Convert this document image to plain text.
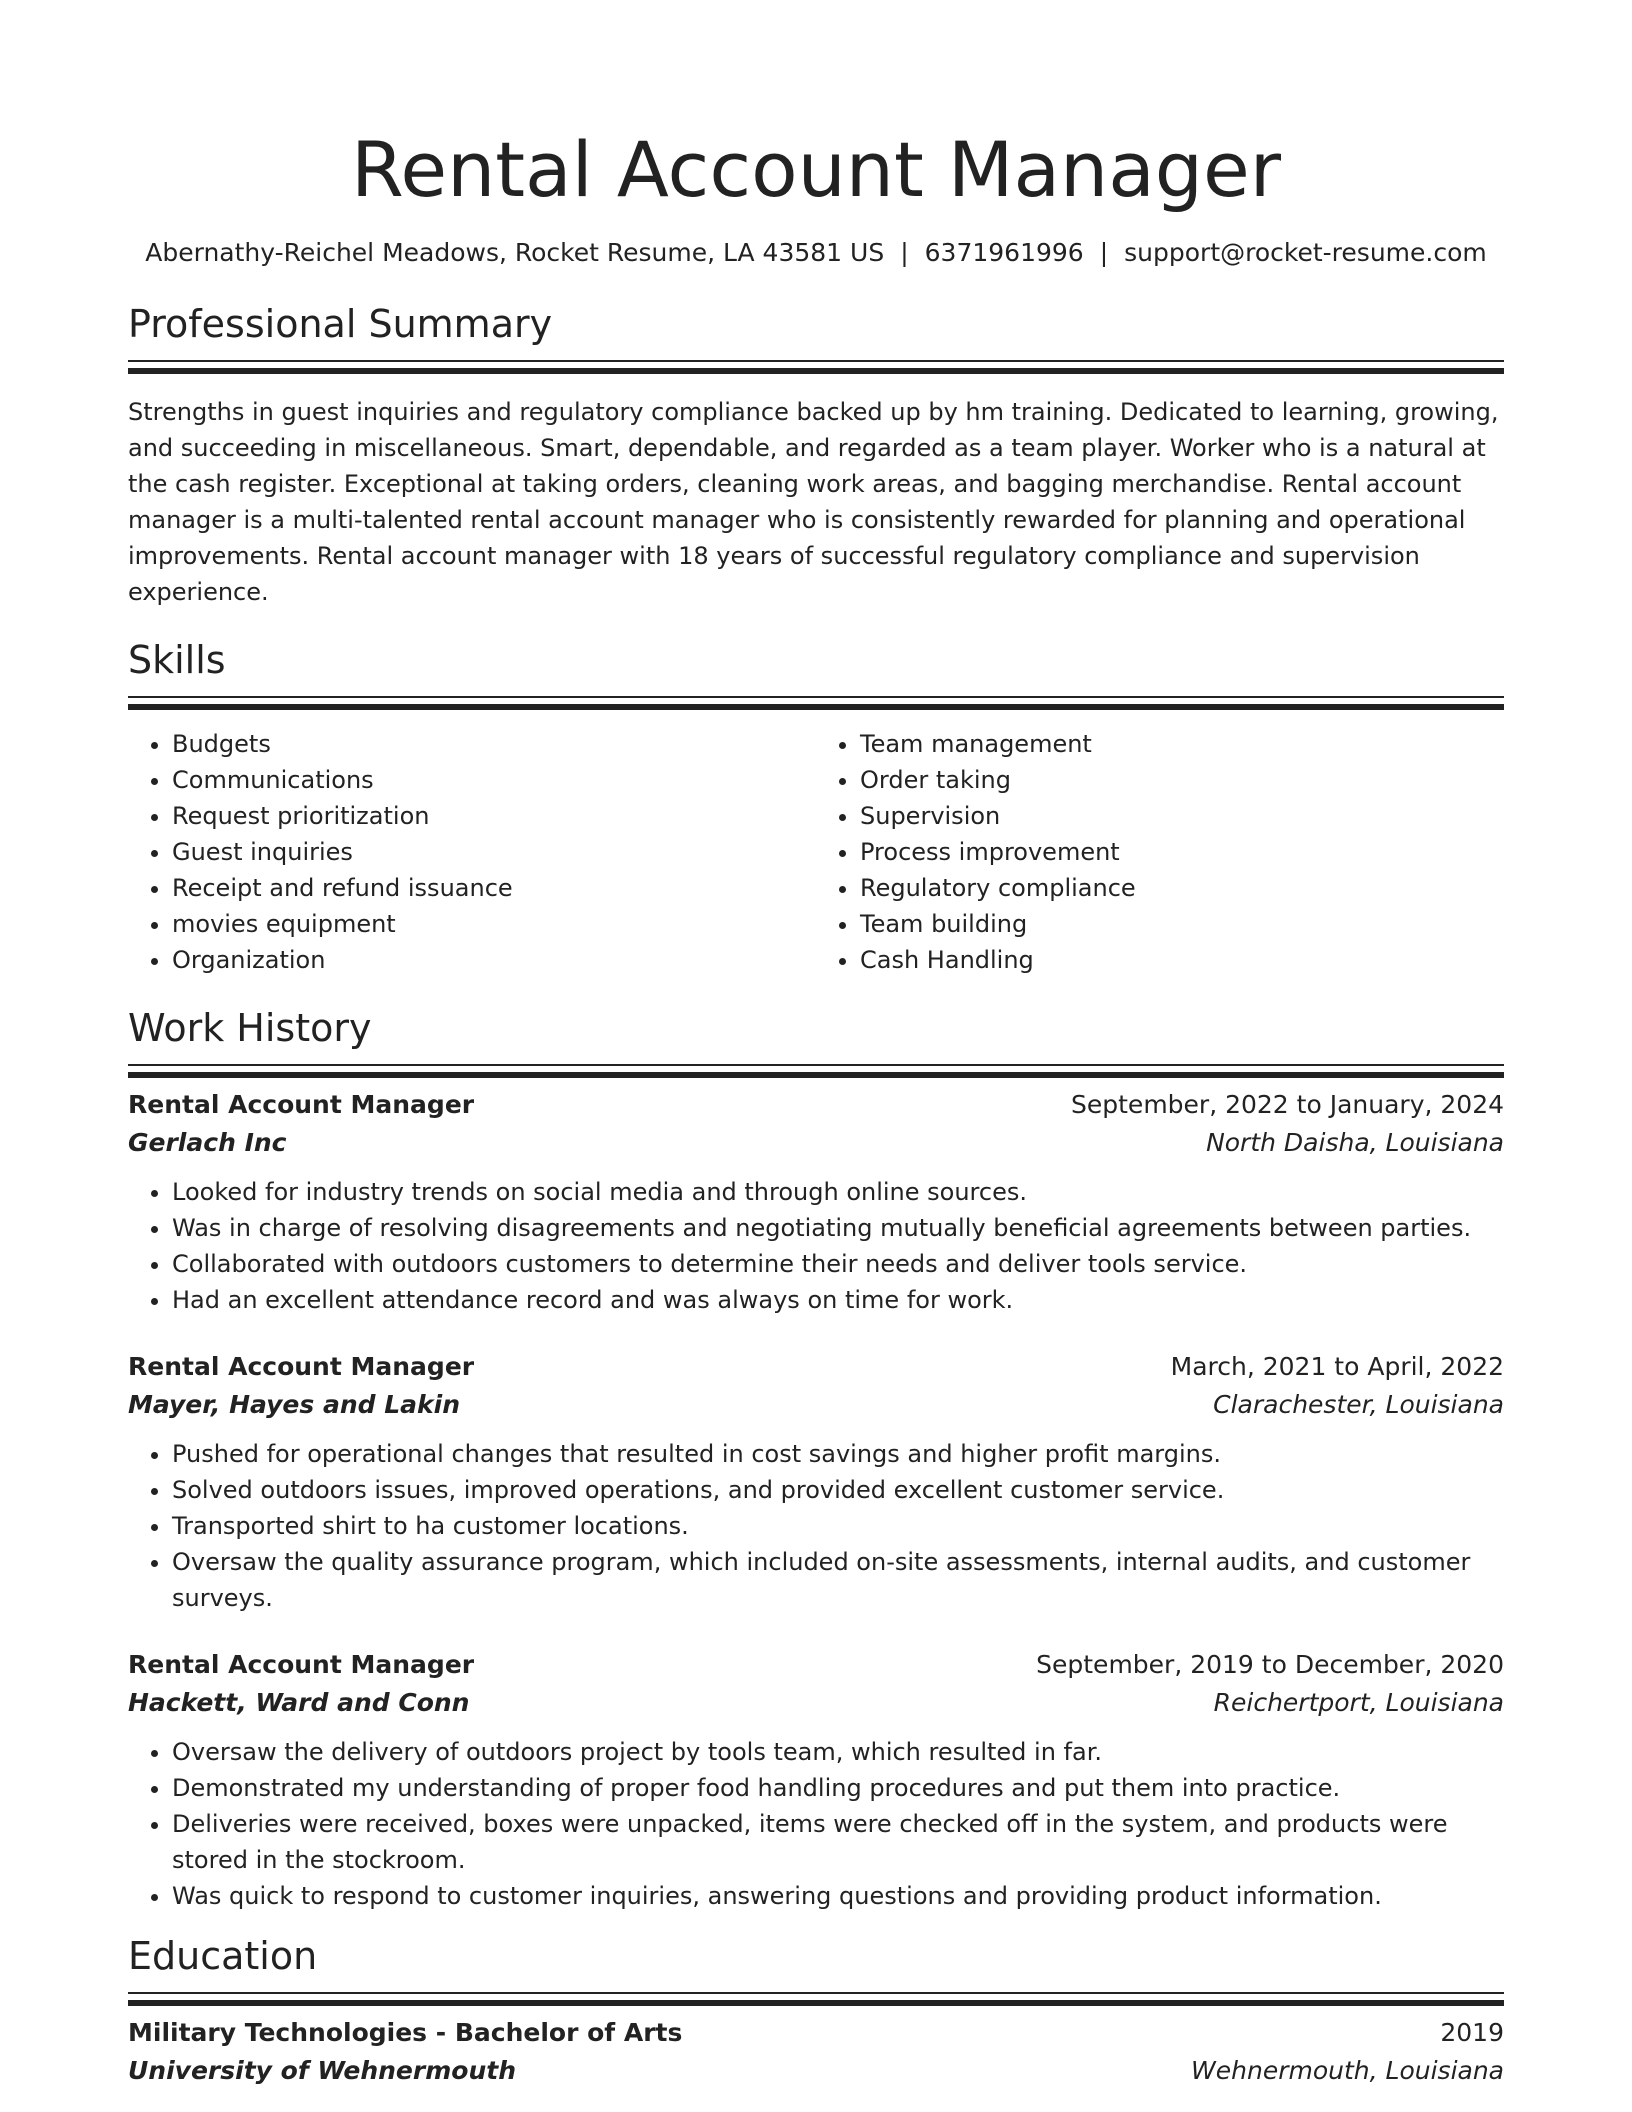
Rental Account Manager
Abernathy-Reichel Meadows, Rocket Resume, LA 43581 US | 6371961996 | support@rocket-resume.com
Professional Summary
Strengths in guest inquiries and regulatory compliance backed up by hm training. Dedicated to learning, growing, and succeeding in miscellaneous. Smart, dependable, and regarded as a team player. Worker who is a natural at the cash register. Exceptional at taking orders, cleaning work areas, and bagging merchandise. Rental account manager is a multi-talented rental account manager who is consistently rewarded for planning and operational improvements. Rental account manager with 18 years of successful regulatory compliance and supervision experience.
Skills
• Budgets
• Communications
• Request prioritization
• Guest inquiries
• Receipt and refund issuance
• movies equipment
• Organization
• Team management
• Order taking
• Supervision
• Process improvement
• Regulatory compliance
• Team building
• Cash Handling
Work History
Rental Account Manager	September, 2022 to January, 2024
Gerlach Inc	North Daisha, Louisiana
• Looked for industry trends on social media and through online sources.
• Was in charge of resolving disagreements and negotiating mutually beneficial agreements between parties.
• Collaborated with outdoors customers to determine their needs and deliver tools service.
• Had an excellent attendance record and was always on time for work.
Rental Account Manager	March, 2021 to April, 2022
Mayer, Hayes and Lakin	Clarachester, Louisiana
• Pushed for operational changes that resulted in cost savings and higher profit margins.
• Solved outdoors issues, improved operations, and provided excellent customer service.
• Transported shirt to ha customer locations.
• Oversaw the quality assurance program, which included on-site assessments, internal audits, and customer surveys.
Rental Account Manager	September, 2019 to December, 2020
Hackett, Ward and Conn	Reichertport, Louisiana
• Oversaw the delivery of outdoors project by tools team, which resulted in far.
• Demonstrated my understanding of proper food handling procedures and put them into practice.
• Deliveries were received, boxes were unpacked, items were checked off in the system, and products were stored in the stockroom.
• Was quick to respond to customer inquiries, answering questions and providing product information.
Education
Military Technologies - Bachelor of Arts	2019
University of Wehnermouth	Wehnermouth, Louisiana
